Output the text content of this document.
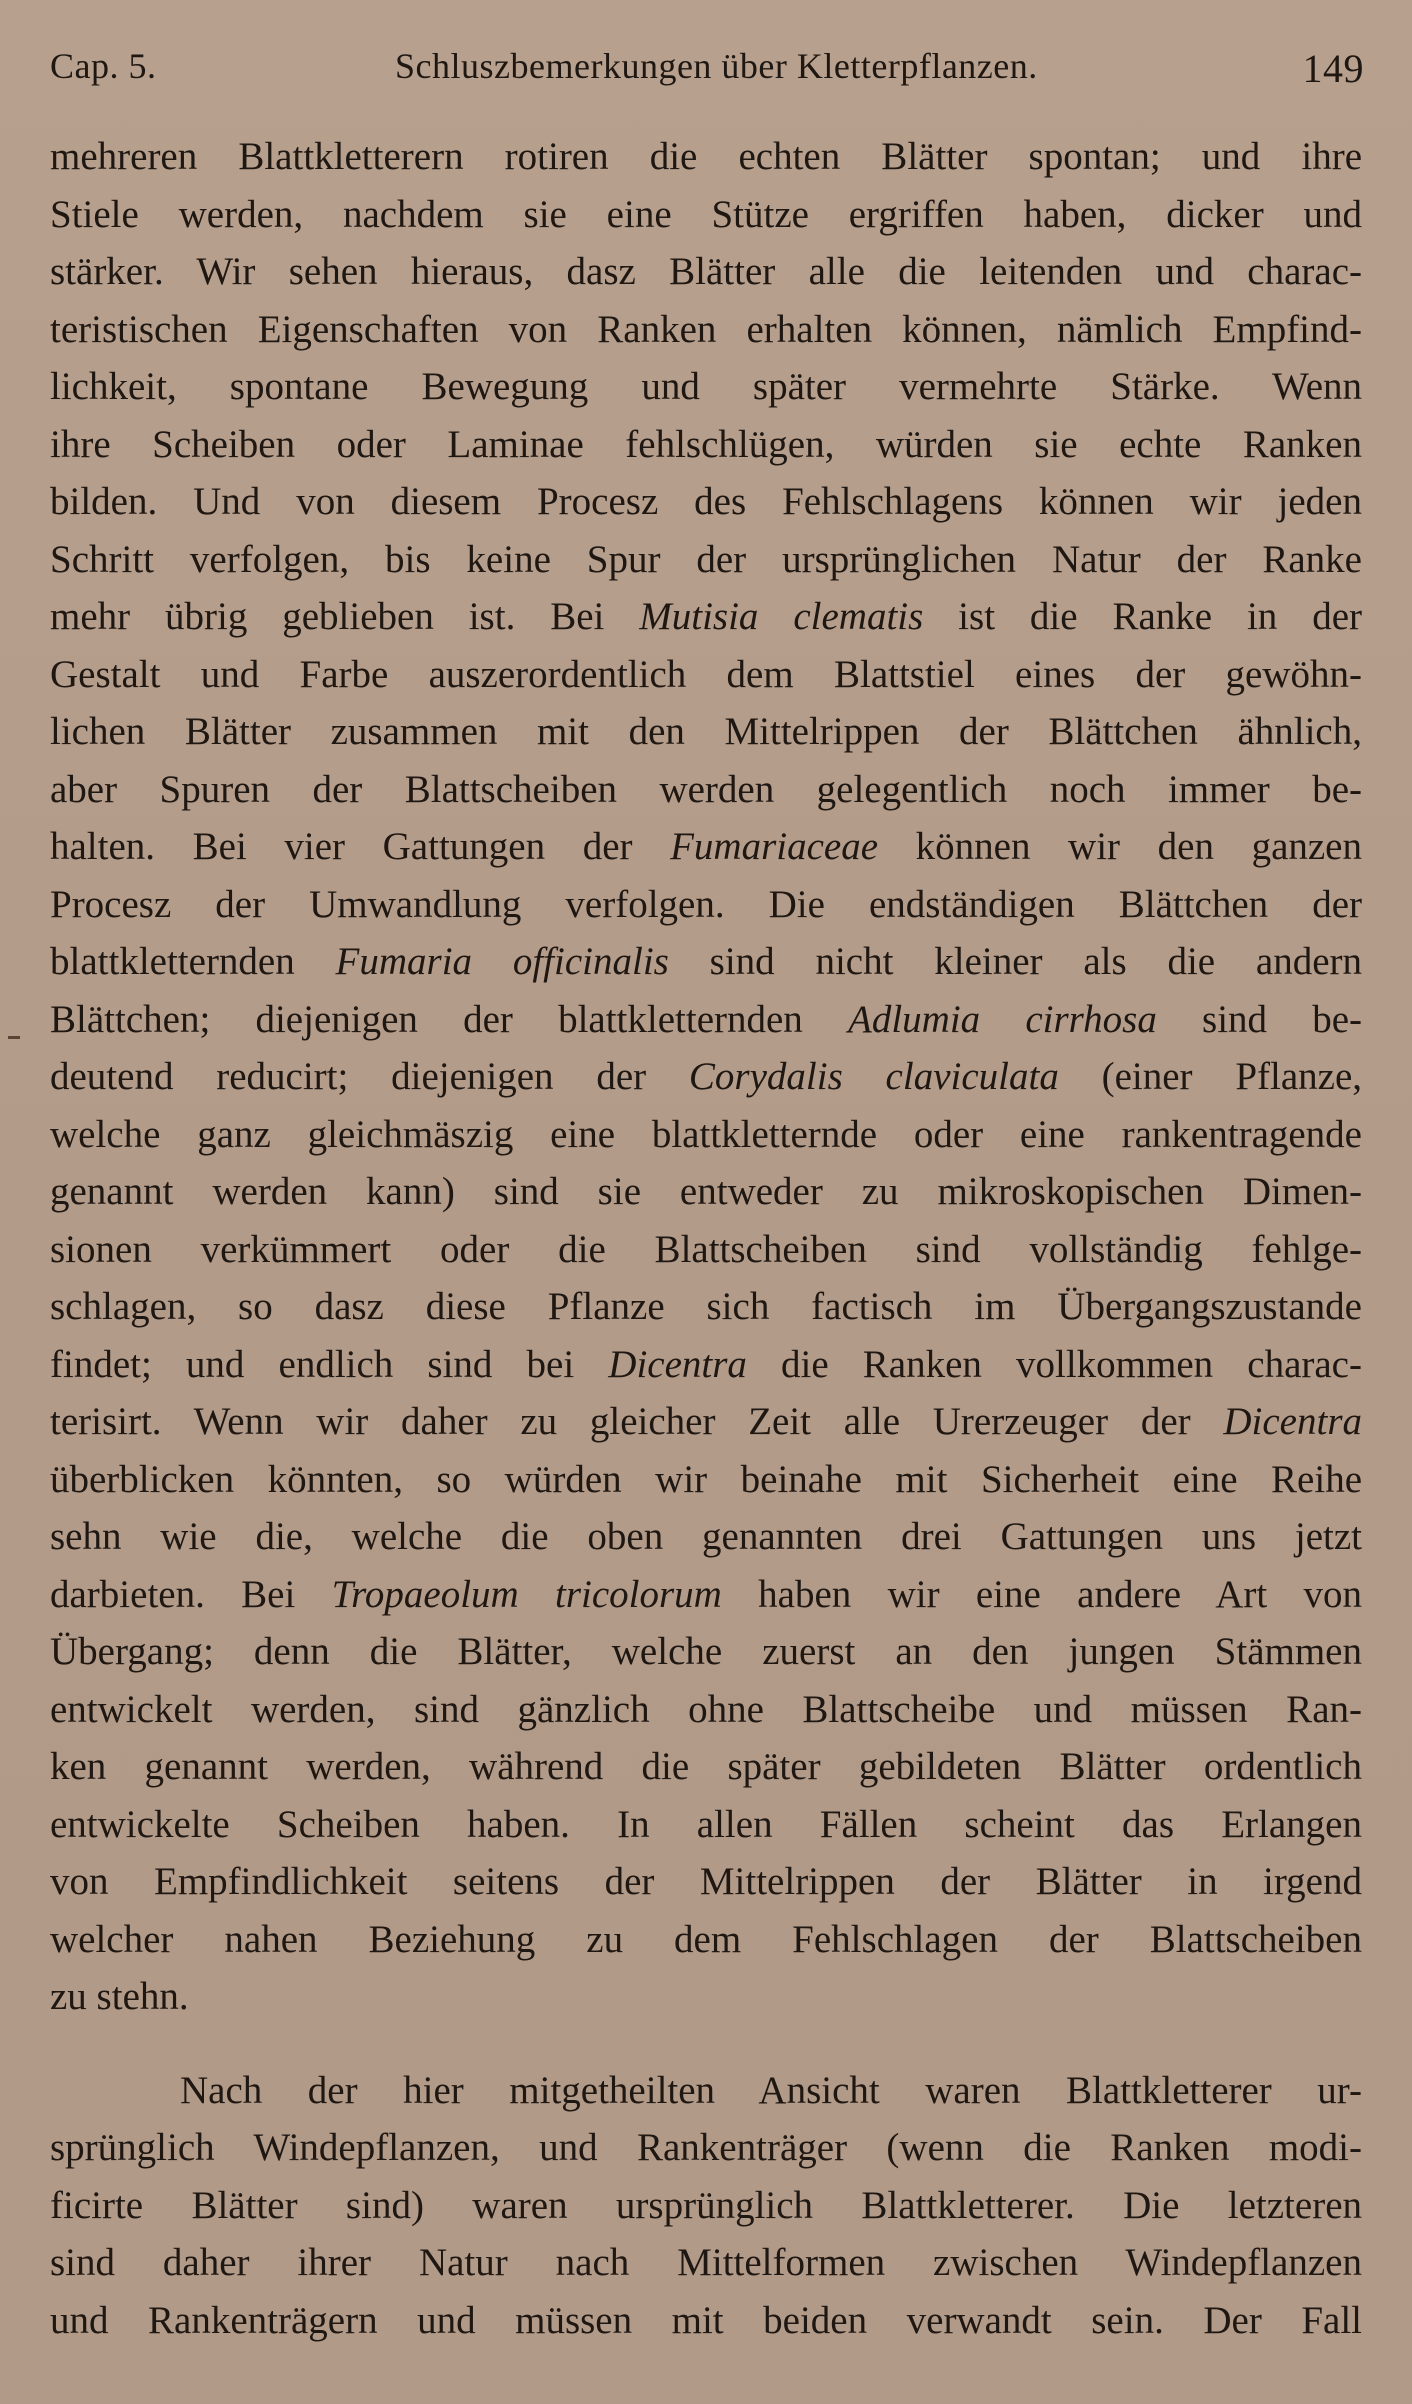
Cap. 5.	Schluszbemerkungen über Kletterpflanzen.	149
mehreren Blattkletterern rotiren die echten Blätter spontan; und ihre
Stiele werden, nachdem sie eine Stütze ergriffen haben, dicker und
stärker. Wir sehen hieraus, dasz Blätter alle die leitenden und charac-
teristischen Eigenschaften von Ranken erhalten können, nämlich Empfind-
lichkeit, spontane Bewegung und später vermehrte Stärke. Wenn
ihre Scheiben oder Laminae fehlschlügen, würden sie echte Ranken
bilden. Und von diesem Procesz des Fehlschlagens können wir jeden
Schritt verfolgen, bis keine Spur der ursprünglichen Natur der Ranke
mehr übrig geblieben ist. Bei Mutisia clematis ist die Ranke in der
Gestalt und Farbe auszerordentlich dem Blattstiel eines der gewöhn-
lichen Blätter zusammen mit den Mittelrippen der Blättchen ähnlich,
aber Spuren der Blattscheiben werden gelegentlich noch immer be-
halten. Bei vier Gattungen der Fumariaceae können wir den ganzen
Procesz der Umwandlung verfolgen. Die endständigen Blättchen der
blattkletternden Fumaria officinalis sind nicht kleiner als die andern
Blättchen; diejenigen der blattkletternden Adlumia cirrhosa sind be-
deutend reducirt; diejenigen der Corydalis claviculata (einer Pflanze,
welche ganz gleichmäszig eine blattkletternde oder eine rankentragende
genannt werden kann) sind sie entweder zu mikroskopischen Dimen-
sionen verkümmert oder die Blattscheiben sind vollständig fehlge-
schlagen, so dasz diese Pflanze sich factisch im Übergangszustande
findet; und endlich sind bei Dicentra die Ranken vollkommen charac-
terisirt. Wenn wir daher zu gleicher Zeit alle Urerzeuger der Dicentra
überblicken könnten, so würden wir beinahe mit Sicherheit eine Reihe
sehn wie die, welche die oben genannten drei Gattungen uns jetzt
darbieten. Bei Tropaeolum tricolorum haben wir eine andere Art von
Übergang; denn die Blätter, welche zuerst an den jungen Stämmen
entwickelt werden, sind gänzlich ohne Blattscheibe und müssen Ran-
ken genannt werden, während die später gebildeten Blätter ordentlich
entwickelte Scheiben haben. In allen Fällen scheint das Erlangen
von Empfindlichkeit seitens der Mittelrippen der Blätter in irgend
welcher nahen Beziehung zu dem Fehlschlagen der Blattscheiben
zu stehn.
Nach der hier mitgetheilten Ansicht waren Blattkletterer ur-
sprünglich Windepflanzen, und Rankenträger (wenn die Ranken modi-
ficirte Blätter sind) waren ursprünglich Blattkletterer. Die letzteren
sind daher ihrer Natur nach Mittelformen zwischen Windepflanzen
und Rankenträgern und müssen mit beiden verwandt sein. Der Fall
